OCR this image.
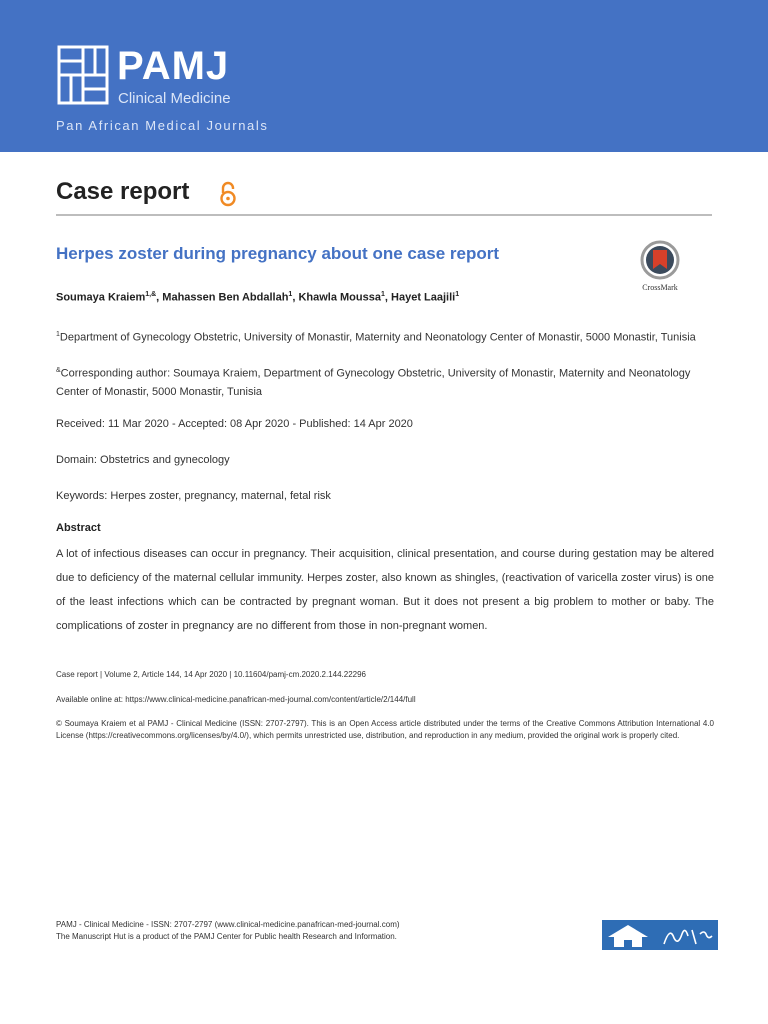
PAMJ
Clinical Medicine
Pan African Medical Journals
Case report
Herpes zoster during pregnancy about one case report
CrossMark
Soumaya Kraiem$^{1,\&}$, Mahassen Ben Abdallah$^1$, Khawla Moussa$^1$, Hayet Laajili$^1$
$^1$Department of Gynecology Obstetric, University of Monastir, Maternity and Neonatology Center of Monastir, 5000 Monastir, Tunisia
&Corresponding author: Soumaya Kraiem, Department of Gynecology Obstetric, University of Monastir, Maternity and Neonatology Center of Monastir, 5000 Monastir, Tunisia
Received: 11 Mar 2020 - Accepted: 08 Apr 2020 - Published: 14 Apr 2020
Domain: Obstetrics and gynecology
Keywords: Herpes zoster, pregnancy, maternal, fetal risk
Abstract
A lot of infectious diseases can occur in pregnancy. Their acquisition, clinical presentation, and course during gestation may be altered due to deficiency of the maternal cellular immunity. Herpes zoster, also known as shingles, (reactivation of varicella zoster virus) is one of the least infections which can be contracted by pregnant woman. But it does not present a big problem to mother or baby. The complications of zoster in pregnancy are no different from those in non-pregnant women.
Case report | Volume 2, Article 144, 14 Apr 2020 | 10.11604/pamj-cm.2020.2.144.22296
Available online at: https://www.clinical-medicine.panafrican-med-journal.com/content/article/2/144/full
© Soumaya Kraiem et al PAMJ - Clinical Medicine (ISSN: 2707-2797). This is an Open Access article distributed under the terms of the Creative Commons Attribution International 4.0 License (https://creativecommons.org/licenses/by/4.0/), which permits unrestricted use, distribution, and reproduction in any medium, provided the original work is properly cited.
PAMJ - Clinical Medicine - ISSN: 2707-2797 (www.clinical-medicine.panafrican-med-journal.com)
The Manuscript Hut is a product of the PAMJ Center for Public health Research and Information.
